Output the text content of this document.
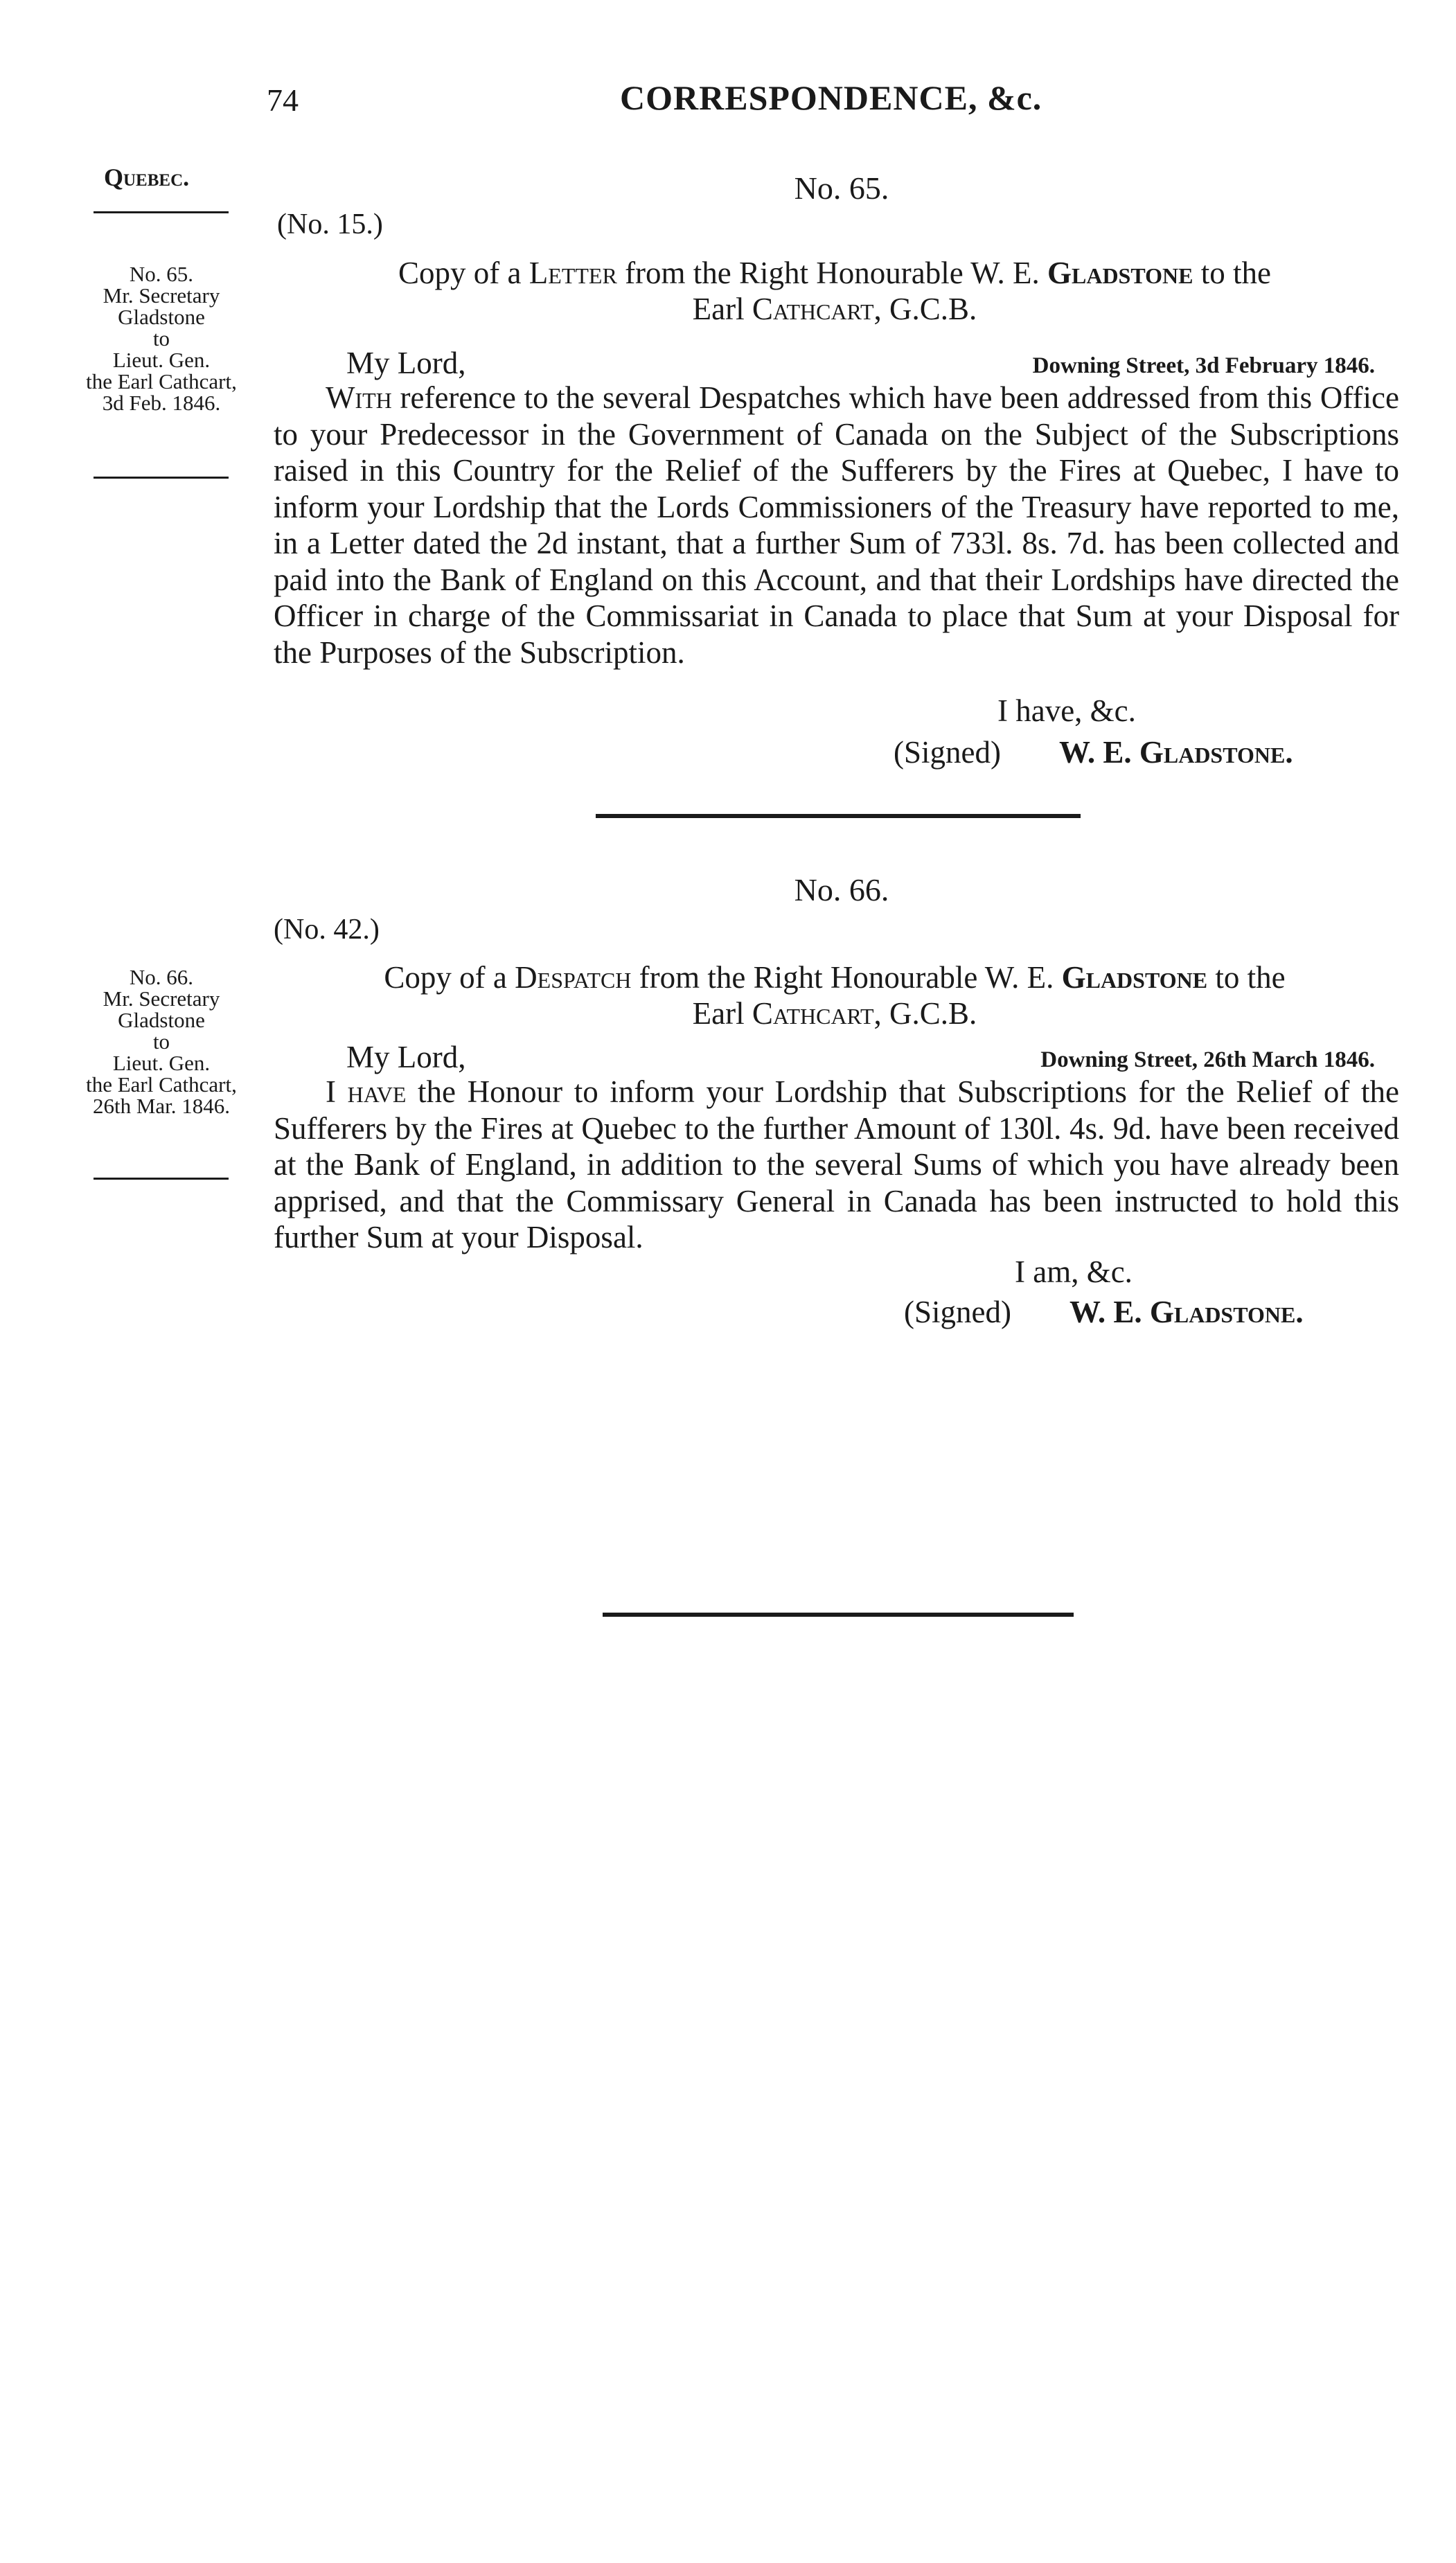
74	CORRESPONDENCE, &c.
Quebec.	No. 65.
(No. 15.)
No. 65.
Mr. Secretary
Gladstone
to
Lieut. Gen.
the Earl Cathcart,
3d Feb. 1846.
Copy of a Letter from the Right Honourable W. E. Gladstone to the
Earl Cathcart, G.C.B.
My Lord,	Downing Street, 3d February 1846.
With reference to the several Despatches which have been addressed from this Office to your Predecessor in the Government of Canada on the Subject of the Subscriptions raised in this Country for the Relief of the Sufferers by the Fires at Quebec, I have to inform your Lordship that the Lords Commissioners of the Treasury have reported to me, in a Letter dated the 2d instant, that a further Sum of 733l. 8s. 7d. has been collected and paid into the Bank of England on this Account, and that their Lordships have directed the Officer in charge of the Commissariat in Canada to place that Sum at your Disposal for the Purposes of the Subscription.
I have, &c.
(Signed) W. E. Gladstone.
No. 66.
(No. 42.)
No. 66.
Mr. Secretary
Gladstone
to
Lieut. Gen.
the Earl Cathcart,
26th Mar. 1846.
Copy of a Despatch from the Right Honourable W. E. Gladstone to the
Earl Cathcart, G.C.B.
My Lord,	Downing Street, 26th March 1846.
I have the Honour to inform your Lordship that Subscriptions for the Relief of the Sufferers by the Fires at Quebec to the further Amount of 130l. 4s. 9d. have been received at the Bank of England, in addition to the several Sums of which you have already been apprised, and that the Commissary General in Canada has been instructed to hold this further Sum at your Disposal.
I am, &c.
(Signed) W. E. Gladstone.
